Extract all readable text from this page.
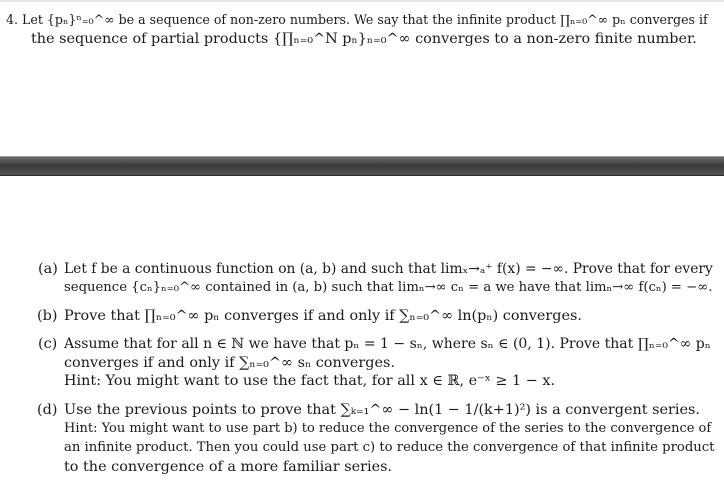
4. Let {pₙ}ⁿ₌₀^∞ be a sequence of non-zero numbers. We say that the infinite product ∏ₙ₌₀^∞ pₙ converges if
the sequence of partial products {∏ₙ₌₀^N pₙ}ₙ₌₀^∞ converges to a non-zero finite number.
(a) Let f be a continuous function on (a, b) and such that limₓ→ₐ⁺ f(x) = −∞. Prove that for every
sequence {cₙ}ₙ₌₀^∞ contained in (a, b) such that limₙ→∞ cₙ = a we have that limₙ→∞ f(cₙ) = −∞.
(b) Prove that ∏ₙ₌₀^∞ pₙ converges if and only if ∑ₙ₌₀^∞ ln(pₙ) converges.
(c) Assume that for all n ∈ ℕ we have that pₙ = 1 − sₙ, where sₙ ∈ (0, 1). Prove that ∏ₙ₌₀^∞ pₙ
converges if and only if ∑ₙ₌₀^∞ sₙ converges.
Hint: You might want to use the fact that, for all x ∈ ℝ, e⁻ˣ ≥ 1 − x.
(d) Use the previous points to prove that ∑ₖ₌₁^∞ − ln(1 − 1/(k+1)²) is a convergent series.
Hint: You might want to use part b) to reduce the convergence of the series to the convergence of
an infinite product. Then you could use part c) to reduce the convergence of that infinite product
to the convergence of a more familiar series.
